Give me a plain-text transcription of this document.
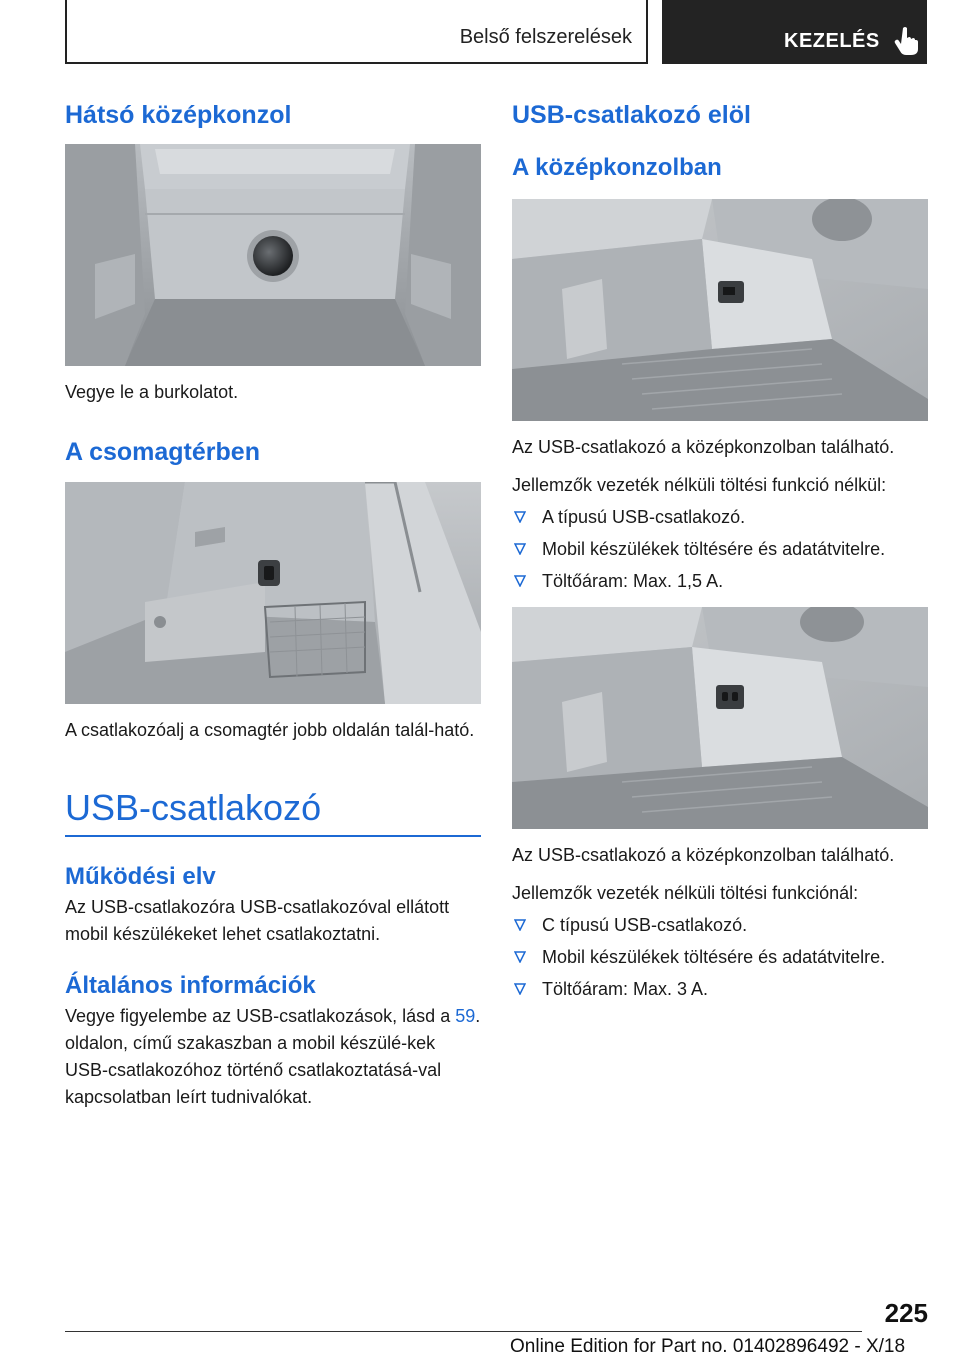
Belső felszerelések	KEZELÉS
Hátsó középkonzol

Vegye le a burkolatot.

A csomagtérben

A csatlakozóalj a csomagtér jobb oldalán talál-ható.

USB-csatlakozó
Működési elv

Az USB-csatlakozóra USB-csatlakozóval ellátott mobil készülékeket lehet csatlakoztatni.

Általános információk

Vegye figyelembe az USB-csatlakozások, lásd a 59. oldalon, című szakaszban a mobil készülé-kek USB-csatlakozóhoz történő csatlakoztatásá-val kapcsolatban leírt tudnivalókat.

USB-csatlakozó elöl
A középkonzolban

Az USB-csatlakozó a középkonzolban található.

Jellemzők vezeték nélküli töltési funkció nélkül:

A típusú USB-csatlakozó.
Mobil készülékek töltésére és adatátvitelre.
Töltőáram: Max. 1,5 A.

Az USB-csatlakozó a középkonzolban található.

Jellemzők vezeték nélküli töltési funkciónál:

C típusú USB-csatlakozó.
Mobil készülékek töltésére és adatátvitelre.
Töltőáram: Max. 3 A.
225
Online Edition for Part no. 01402896492 - X/18
